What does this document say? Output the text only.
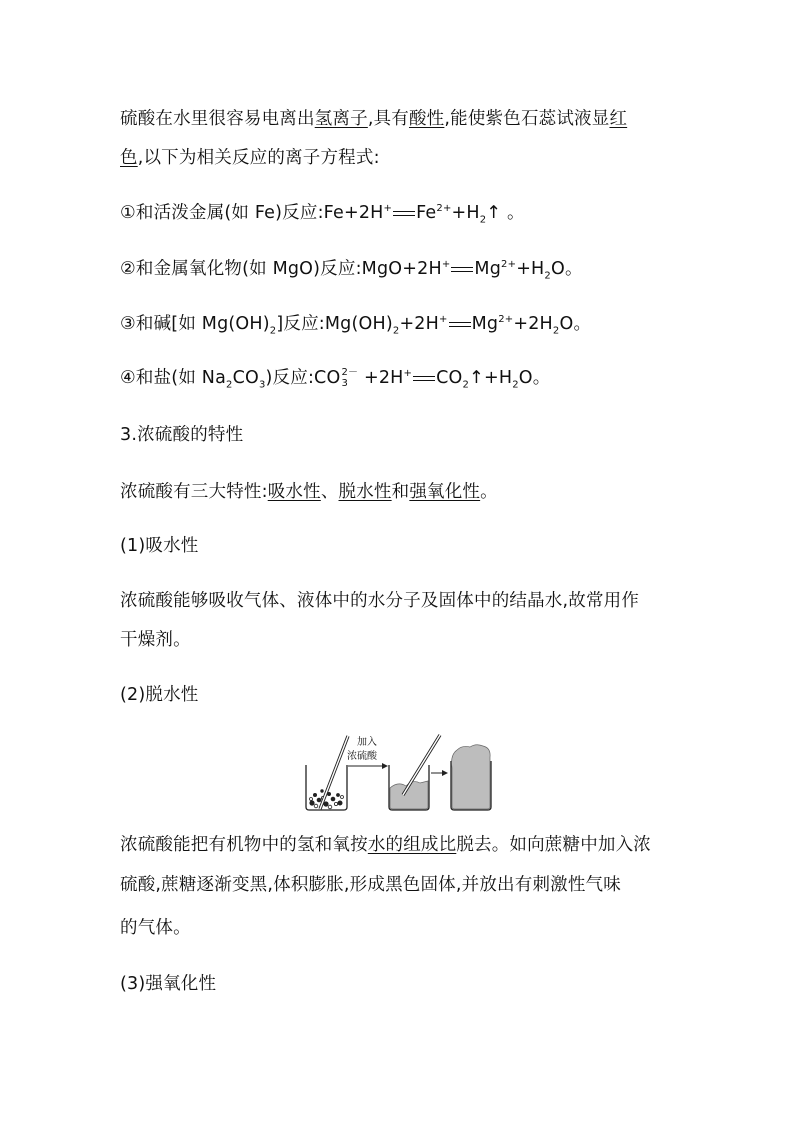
硫酸在水里很容易电离出氢离子,具有酸性,能使紫色石蕊试液显红
色,以下为相关反应的离子方程式:
①和活泼金属(如 Fe)反应:Fe+2H+ $Fe^{2+}+H_2↑$ 。
②和金属氧化物(如 MgO)反应:MgO+2H+ $Mg^{2+}+H_2O$。
③和碱[如 $Mg(OH)_2$]反应$:Mg(OH)_2+2H^+$ $Mg^{2+}+2H_2O$。
④和盐(如 $Na_2CO_3$)反应:CO 2－
3 +2H+ $CO_2↑+H_2O$。
3.浓硫酸的特性
浓硫酸有三大特性:吸水性、脱水性和强氧化性。
(1)吸水性
浓硫酸能够吸收气体、液体中的水分子及固体中的结晶水,故常用作
干燥剂。
(2)脱水性
加入
浓硫酸
浓硫酸能把有机物中的氢和氧按水的组成比脱去。如向蔗糖中加入浓
硫酸,蔗糖逐渐变黑,体积膨胀,形成黑色固体,并放出有刺激性气味
的气体。
(3)强氧化性
